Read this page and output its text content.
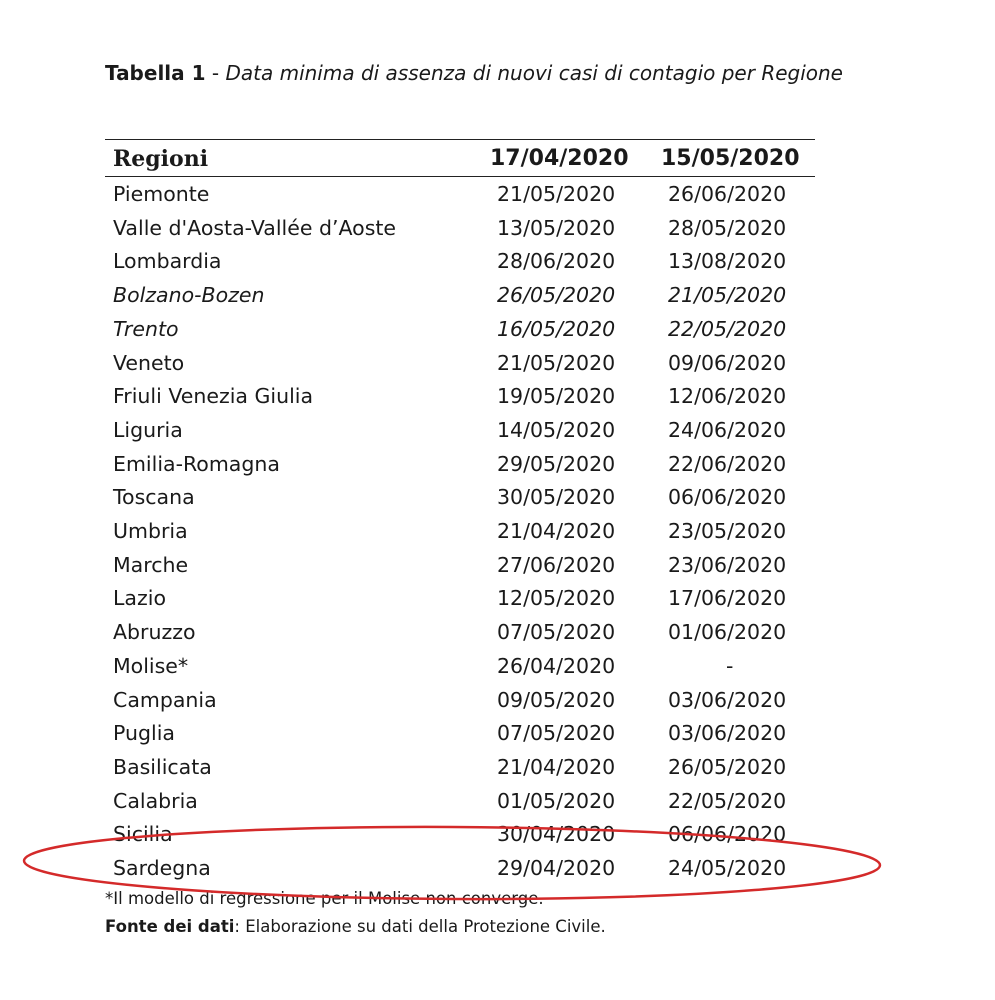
Tabella 1 - Data minima di assenza di nuovi casi di contagio per Regione
Regioni	17/04/2020 15/05/2020
Piemonte	21/05/2020	26/06/2020
Valle d'Aosta-Vallée d’Aoste	13/05/2020	28/05/2020
Lombardia	28/06/2020	13/08/2020
Bolzano-Bozen	26/05/2020	21/05/2020
Trento	16/05/2020	22/05/2020
Veneto	21/05/2020	09/06/2020
Friuli Venezia Giulia	19/05/2020	12/06/2020
Liguria	14/05/2020	24/06/2020
Emilia-Romagna	29/05/2020	22/06/2020
Toscana	30/05/2020	06/06/2020
Umbria	21/04/2020	23/05/2020
Marche	27/06/2020	23/06/2020
Lazio	12/05/2020	17/06/2020
Abruzzo	07/05/2020	01/06/2020
Molise*	26/04/2020	-
Campania	09/05/2020	03/06/2020
Puglia	07/05/2020	03/06/2020
Basilicata	21/04/2020	26/05/2020
Calabria	01/05/2020	22/05/2020
Sicilia	30/04/2020	06/06/2020
Sardegna	29/04/2020	24/05/2020
*Il modello di regressione per il Molise non converge.
Fonte dei dati: Elaborazione su dati della Protezione Civile.
